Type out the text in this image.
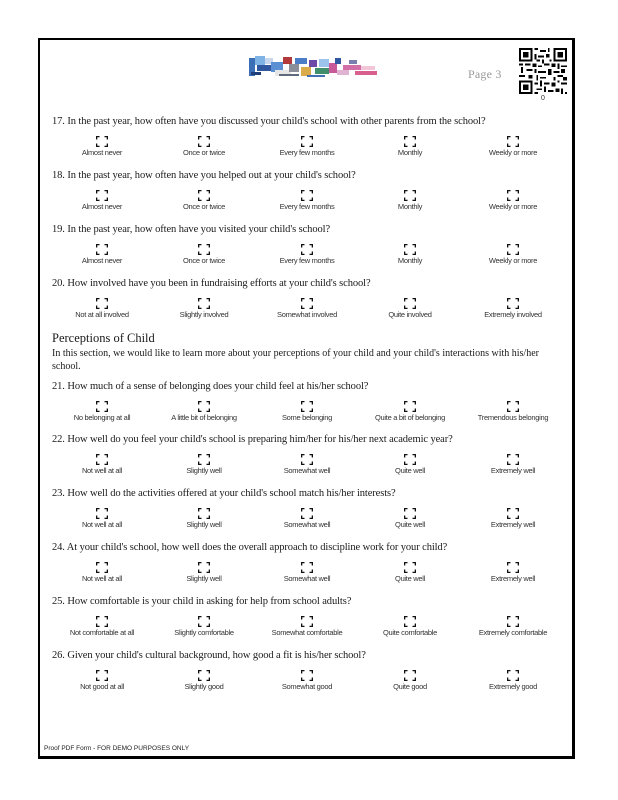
Page 3
0
Perceptions of Child
In this section, we would like to learn more about your perceptions of your child and your child's interactions with his/her school.
17. In the past year, how often have you discussed your child's school with other parents from the school?
Almost never	Once or twice	Every few months	Monthly	Weekly or more
18. In the past year, how often have you helped out at your child's school?
Almost never	Once or twice	Every few months	Monthly	Weekly or more
19. In the past year, how often have you visited your child's school?
Almost never	Once or twice	Every few months	Monthly	Weekly or more
20. How involved have you been in fundraising efforts at your child's school?
Not at all involved	Slightly involved	Somewhat involved	Quite involved	Extremely involved
21. How much of a sense of belonging does your child feel at his/her school?
No belonging at all	A little bit of belonging	Some belonging	Quite a bit of belonging	Tremendous belonging
22. How well do you feel your child's school is preparing him/her for his/her next academic year?
Not well at all	Slightly well	Somewhat well	Quite well	Extremely well
23. How well do the activities offered at your child's school match his/her interests?
Not well at all	Slightly well	Somewhat well	Quite well	Extremely well
24. At your child's school, how well does the overall approach to discipline work for your child?
Not well at all	Slightly well	Somewhat well	Quite well	Extremely well
25. How comfortable is your child in asking for help from school adults?
Not comfortable at all	Slightly comfortable	Somewhat comfortable	Quite comfortable	Extremely comfortable
26. Given your child's cultural background, how good a fit is his/her school?
Not good at all	Slightly good	Somewhat good	Quite good	Extremely good
Proof PDF Form - FOR DEMO PURPOSES ONLY
